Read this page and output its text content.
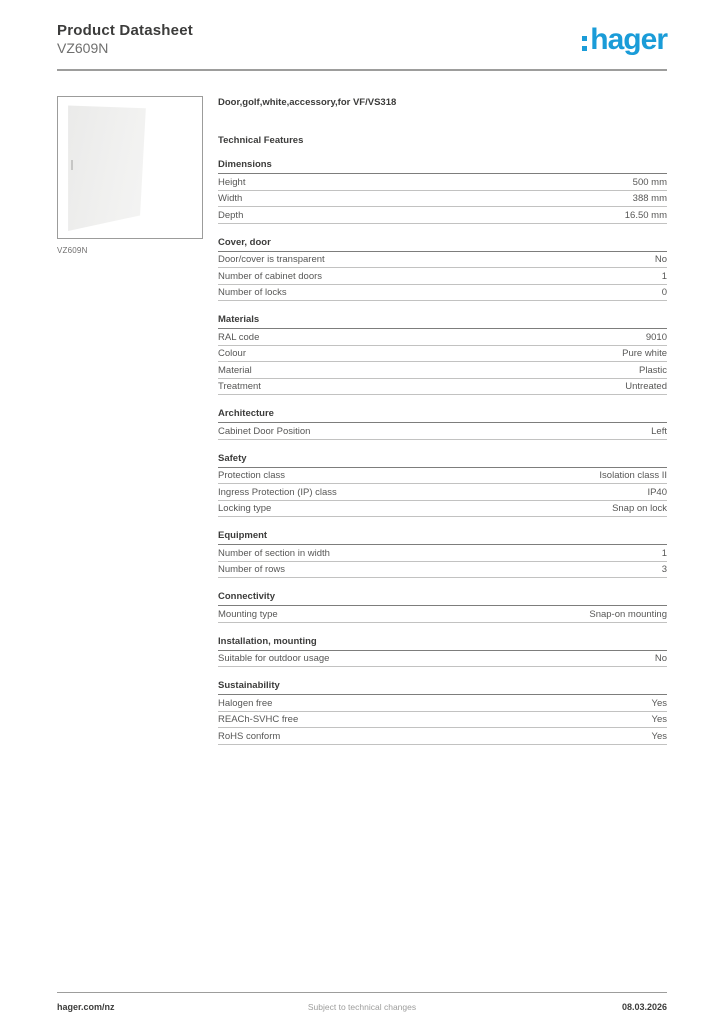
Product Datasheet
VZ609N	hager
VZ609N
Door,golf,white,accessory,for VF/VS318
Technical Features
Dimensions
Height	500 mm
Width	388 mm
Depth	16.50 mm
Cover, door
Door/cover is transparent	No
Number of cabinet doors	1
Number of locks	0
Materials
RAL code	9010
Colour	Pure white
Material	Plastic
Treatment	Untreated
Architecture
Cabinet Door Position	Left
Safety
Protection class	Isolation class II
Ingress Protection (IP) class	IP40
Locking type	Snap on lock
Equipment
Number of section in width	1
Number of rows	3
Connectivity
Mounting type	Snap-on mounting
Installation, mounting
Suitable for outdoor usage	No
Sustainability
Halogen free	Yes
REACh-SVHC free	Yes
RoHS conform	Yes
hager.com/nz	Subject to technical changes	08.03.2026
